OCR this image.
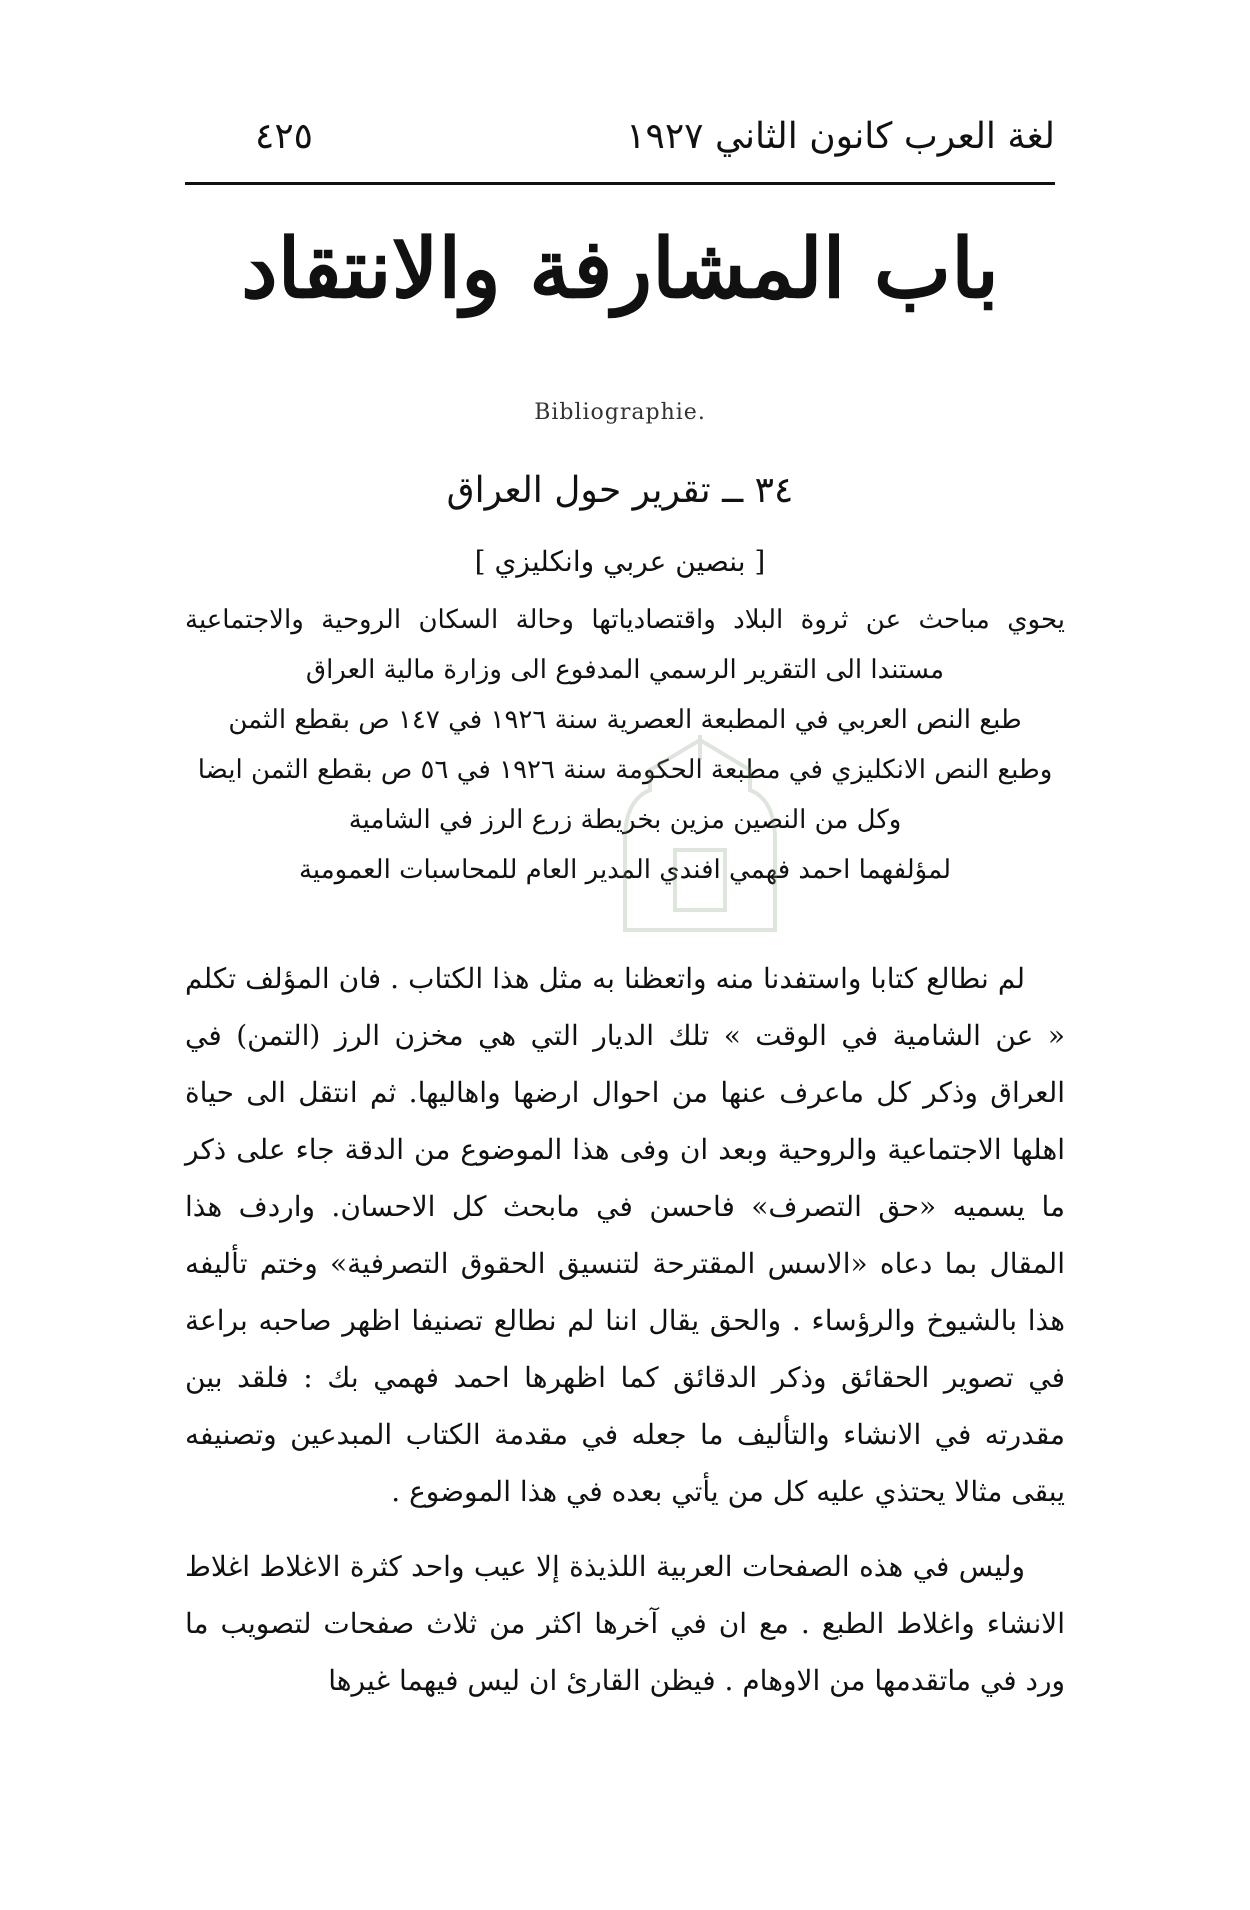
لغة العرب كانون الثاني ١٩٢٧
٤٢٥
باب المشارفة والانتقاد
Bibliographie.
٣٤ ــ تقرير حول العراق
[ بنصين عربي وانكليزي ]
يحوي مباحث عن ثروة البلاد واقتصادياتها وحالة السكان الروحية والاجتماعية
مستندا الى التقرير الرسمي المدفوع الى وزارة مالية العراق
طبع النص العربي في المطبعة العصرية سنة ١٩٢٦ في ١٤٧ ص بقطع الثمن
وطبع النص الانكليزي في مطبعة الحكومة سنة ١٩٢٦ في ٥٦ ص بقطع الثمن ايضا
وكل من النصين مزين بخريطة زرع الرز في الشامية
لمؤلفهما احمد فهمي افندي المدير العام للمحاسبات العمومية

لم نطالع كتابا واستفدنا منه واتعظنا به مثل هذا الكتاب . فان المؤلف تكلم « عن الشامية في الوقت » تلك الديار التي هي مخزن الرز (التمن) في العراق وذكر كل ماعرف عنها من احوال ارضها واهاليها. ثم انتقل الى حياة اهلها الاجتماعية والروحية وبعد ان وفى هذا الموضوع من الدقة جاء على ذكر ما يسميه «حق التصرف» فاحسن في مابحث كل الاحسان. واردف هذا المقال بما دعاه «الاسس المقترحة لتنسيق الحقوق التصرفية» وختم تأليفه هذا بالشيوخ والرؤساء . والحق يقال اننا لم نطالع تصنيفا اظهر صاحبه براعة في تصوير الحقائق وذكر الدقائق كما اظهرها احمد فهمي بك : فلقد بين مقدرته في الانشاء والتأليف ما جعله في مقدمة الكتاب المبدعين وتصنيفه يبقى مثالا يحتذي عليه كل من يأتي بعده في هذا الموضوع .

وليس في هذه الصفحات العربية اللذيذة إلا عيب واحد كثرة الاغلاط اغلاط الانشاء واغلاط الطبع . مع ان في آخرها اكثر من ثلاث صفحات لتصويب ما ورد في ماتقدمها من الاوهام . فيظن القارئ ان ليس فيهما غيرها
